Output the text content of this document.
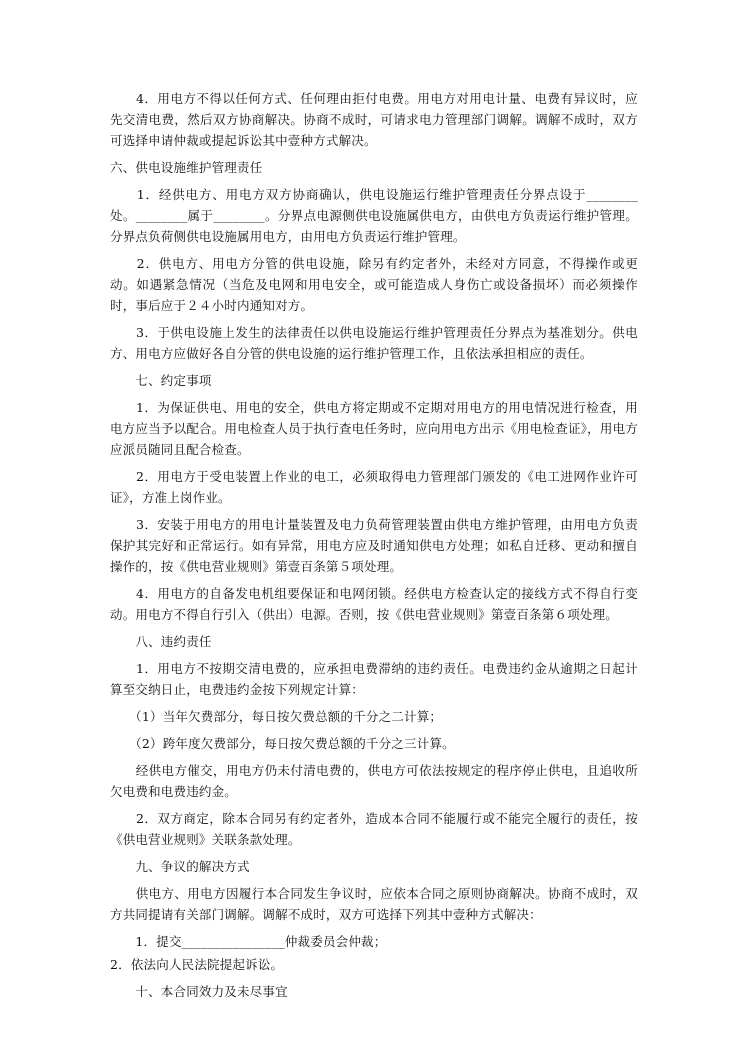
　　4．用电方不得以任何方式、任何理由拒付电费。用电方对用电计量、电费有异议时，应先交清电费，然后双方协商解决。协商不成时，可请求电力管理部门调解。调解不成时，双方可选择申请仲裁或提起诉讼其中壹种方式解决。

六、供电设施维护管理责任

　　1．经供电方、用电方双方协商确认，供电设施运行维护管理责任分界点设于________处。________属于________。分界点电源侧供电设施属供电方，由供电方负责运行维护管理。分界点负荷侧供电设施属用电方，由用电方负责运行维护管理。

　　2．供电方、用电方分管的供电设施，除另有约定者外，未经对方同意，不得操作或更动。如遇紧急情况（当危及电网和用电安全，或可能造成人身伤亡或设备损坏）而必须操作时，事后应于２４小时内通知对方。

　　3．于供电设施上发生的法律责任以供电设施运行维护管理责任分界点为基准划分。供电方、用电方应做好各自分管的供电设施的运行维护管理工作，且依法承担相应的责任。

　　七、约定事项

　　1．为保证供电、用电的安全，供电方将定期或不定期对用电方的用电情况进行检查，用电方应当予以配合。用电检查人员于执行查电任务时，应向用电方出示《用电检查证》，用电方应派员随同且配合检查。

　　2．用电方于受电装置上作业的电工，必须取得电力管理部门颁发的《电工进网作业许可证》，方准上岗作业。

　　3．安装于用电方的用电计量装置及电力负荷管理装置由供电方维护管理，由用电方负责保护其完好和正常运行。如有异常，用电方应及时通知供电方处理；如私自迁移、更动和擅自操作的，按《供电营业规则》第壹百条第５项处理。

　　4．用电方的自备发电机组要保证和电网闭锁。经供电方检查认定的接线方式不得自行变动。用电方不得自行引入（供出）电源。否则，按《供电营业规则》第壹百条第６项处理。

　　八、违约责任

　　1．用电方不按期交清电费的，应承担电费滞纳的违约责任。电费违约金从逾期之日起计算至交纳日止，电费违约金按下列规定计算：

　　（1）当年欠费部分，每日按欠费总额的千分之二计算；

　　（2）跨年度欠费部分，每日按欠费总额的千分之三计算。

　　经供电方催交，用电方仍未付清电费的，供电方可依法按规定的程序停止供电，且追收所欠电费和电费违约金。

　　2．双方商定，除本合同另有约定者外，造成本合同不能履行或不能完全履行的责任，按《供电营业规则》关联条款处理。

　　九、争议的解决方式

　　供电方、用电方因履行本合同发生争议时，应依本合同之原则协商解决。协商不成时，双方共同提请有关部门调解。调解不成时，双方可选择下列其中壹种方式解决：

　　1．提交________________仲裁委员会仲裁；

2．依法向人民法院提起诉讼。

　　十、本合同效力及未尽事宜
